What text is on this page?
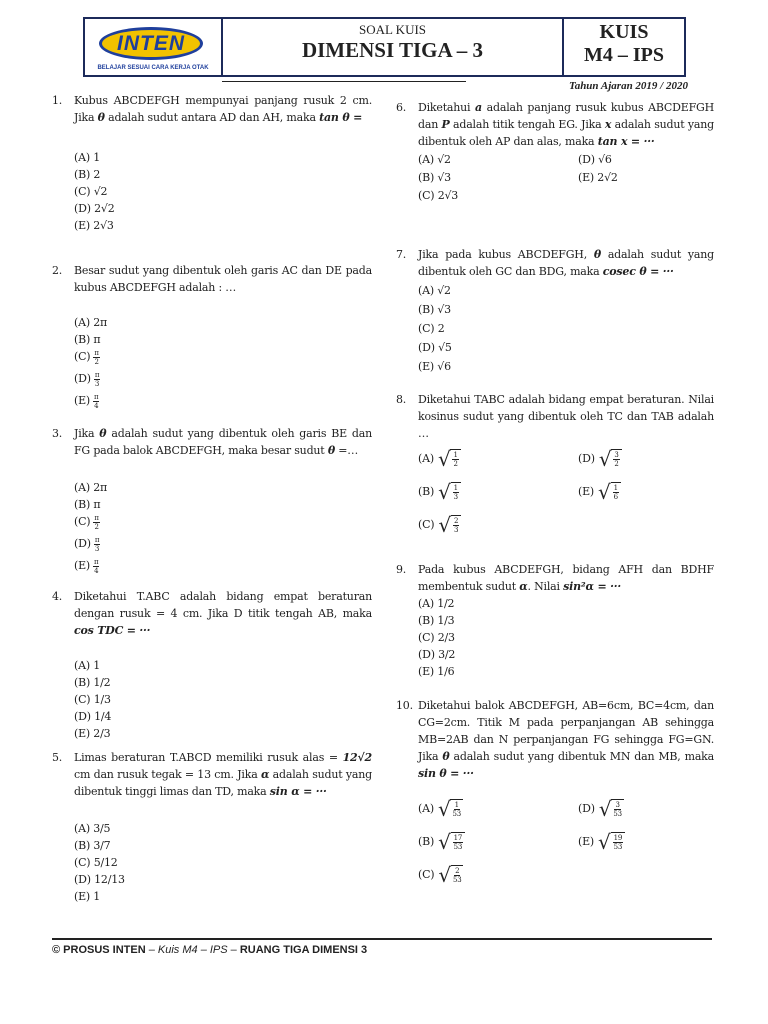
INTEN
BELAJAR SESUAI CARA KERJA OTAK
SOAL KUIS
DIMENSI TIGA – 3
KUIS
M4 – IPS
Tahun Ajaran 2019 / 2020
1. Kubus ABCDEFGH mempunyai panjang rusuk 2 cm. Jika θ adalah sudut antara AD dan AH, maka tan θ =
(A) 1
(B) 2
(C) √2
(D) 2√2
(E) 2√3
2. Besar sudut yang dibentuk oleh garis AC dan DE pada kubus ABCDEFGH adalah : …
(A) 2π
(B) π
$(C) \frac{\pi}{2}$
$(D) \frac{\pi}{3}$
$(E) \frac{\pi}{4}$
3. Jika θ adalah sudut yang dibentuk oleh garis BE dan FG pada balok ABCDEFGH, maka besar sudut θ =…
(A) 2π
(B) π
$(C) \frac{\pi}{2}$
$(D) \frac{\pi}{3}$
$(E) \frac{\pi}{4}$
4. Diketahui T.ABC adalah bidang empat beraturan dengan rusuk = 4 cm. Jika D titik tengah AB, maka cos TDC = ···
(A) 1
(B) 1/2
(C) 1/3
(D) 1/4
(E) 2/3
5. Limas beraturan T.ABCD memiliki rusuk alas = 12√2 cm dan rusuk tegak = 13 cm. Jika α adalah sudut yang dibentuk tinggi limas dan TD, maka sin α = ···
(A) 3/5
(B) 3/7
(C) 5/12
(D) 12/13
(E) 1
6. Diketahui a adalah panjang rusuk kubus ABCDEFGH dan P adalah titik tengah EG. Jika x adalah sudut yang dibentuk oleh AP dan alas, maka tan x = ···
(A) √2	(D) √6
(B) √3	(E) 2√2
(C) 2√3
7. Jika pada kubus ABCDEFGH, θ adalah sudut yang dibentuk oleh GC dan BDG, maka cosec θ = ···
(A) √2
(B) √3
(C) 2
(D) √5
(E) √6
8. Diketahui TABC adalah bidang empat beraturan. Nilai kosinus sudut yang dibentuk oleh TC dan TAB adalah …
(A) √ $\frac{1}{2}$	(D) √ $\frac{3}{2}$
(B) √ $\frac{1}{3}$	(E) √ $\frac{1}{6}$
(C) √ $\frac{2}{3}$
9. Pada kubus ABCDEFGH, bidang AFH dan BDHF membentuk sudut α. Nilai sin²α = ···
(A) 1/2
(B) 1/3
(C) 2/3
(D) 3/2
(E) 1/6
10. Diketahui balok ABCDEFGH, AB=6cm, BC=4cm, dan CG=2cm. Titik M pada perpanjangan AB sehingga MB=2AB dan N perpanjangan FG sehingga FG=GN. Jika θ adalah sudut yang dibentuk MN dan MB, maka sin θ = ···
(A) √ $\frac{1}{53}$	(D) √ $\frac{3}{53}$
(B) √ $\frac{17}{53}$	(E) √ $\frac{19}{53}$
(C) √ $\frac{2}{53}$
© PROSUS INTEN – Kuis M4 – IPS – RUANG TIGA DIMENSI 3
